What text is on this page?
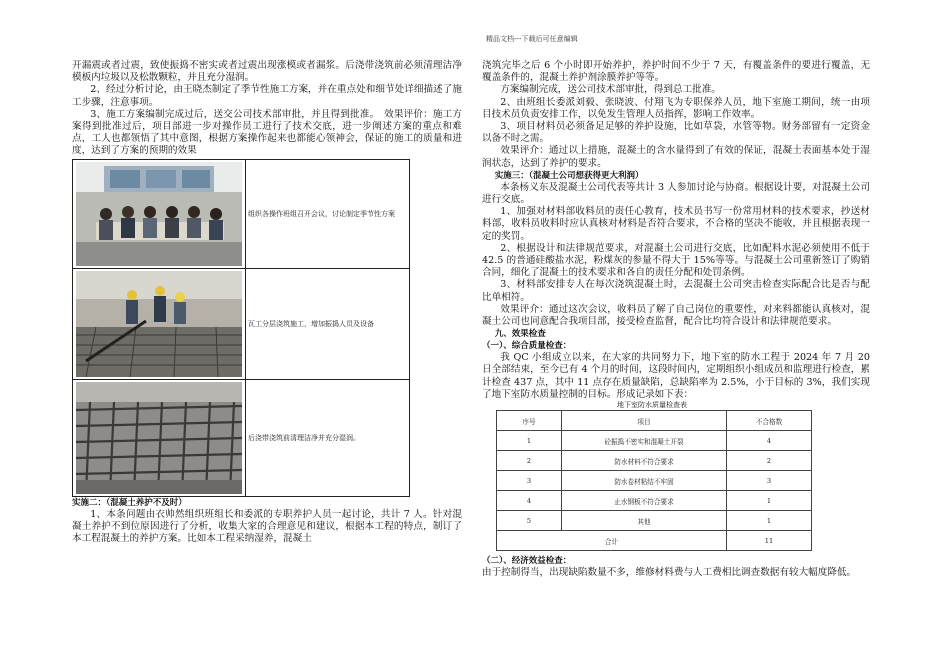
精品文档---下载后可任意编辑

开漏震或者过震，致使振捣不密实或者过震出现涨模或者漏浆。后浇带浇筑前必须清理洁净模板内垃圾以及松散颗粒，并且充分湿润。

2、经过分析讨论，由王晓杰制定了季节性施工方案，并在重点处和细节处详细描述了施工步骤，注意事项。

3、施工方案编制完成过后，送交公司技术部审批，并且得到批准。　效果评价：施工方案得到批准过后，项目部进一步对操作员工进行了技术交底，进一步阐述方案的重点和难点，工人也都领悟了其中意图，根据方案操作起来也都能心领神会，保证的施工的质量和进度，达到了方案的预期的效果

	组织各操作班组召开会议，讨论制定季节性方案

	瓦工分层浇筑施工，增加振捣人员及设备

	后浇带浇筑前清理洁净并充分湿润。

实施二：（混凝土养护不及时）

1、本条问题由衣帅然组织班组长和委派的专职养护人员一起讨论，共计 7 人。针对混凝土养护不到位原因进行了分析，收集大家的合理意见和建议，根据本工程的特点，制订了本工程混凝土的养护方案。比如本工程采纳湿养，混凝土

浇筑完毕之后 6 个小时即开始养护，养护时间不少于 7 天，有覆盖条件的要进行覆盖，无覆盖条件的，混凝土养护剂涂膜养护等等。

方案编制完成，送公司技术部审批，得到总工批准。

2、由班组长委派刘毅、张晓波、付翔飞为专职保养人员，地下室施工期间，统一由项目技术员负责安排工作，以免发生管理人员指挥，影响工作效率。

3、项目材料员必须备足足够的养护设施，比如草袋，水管等物。财务部留有一定资金以备不时之需。

效果评介：通过以上措施，混凝土的含水量得到了有效的保证，混凝土表面基本处于湿润状态，达到了养护的要求。

实施三：（混凝土公司想获得更大利润）

本条杨义东及混凝土公司代表等共计 3 人参加讨论与协商。根据设计要，对混凝土公司进行交底。

1、加强对材料部收料员的责任心教育，技术员书写一份常用材料的技术要求，抄送材料部，收料员收料时应认真核对材料是否符合要求，不合格的坚决不能收，并且根据表现一定的奖罚。

2、根据设计和法律规范要求，对混凝土公司进行交底，比如配料水泥必须使用不低于 42.5 的普通硅酸盐水泥，粉煤灰的参量不得大于 15%等等。与混凝土公司重新签订了购销合同，细化了混凝土的技术要求和各自的责任分配和处罚条例。

3、材料部安排专人在每次浇筑混凝土时，去混凝土公司突击检查实际配合比是否与配比单相符。

效果评介：通过这次会议，收料员了解了自己岗位的重要性，对来料都能认真核对，混凝土公司也同意配合我项目部，接受检查监督，配合比均符合设计和法律规范要求。

九、效果检查

（一）、综合质量检查：

我 QC 小组成立以来，在大家的共同努力下，地下室的防水工程于 2024 年 7 月 20 日全部结束，至今已有 4 个月的时间，这段时间内，定期组织小组成员和监理进行检查，累计检查 437 点，其中 11 点存在质量缺陷，总缺陷率为 2.5%，小于目标的 3%，我们实现了地下室防水质量控制的目标。形成记录如下表：

地下室防水质量检查表
序号	项目	不合格数
1	砼振捣不密实和混凝土开裂	4
2	防水材料不符合要求	2
3	防水卷材粘结不牢固	3
4	止水钢板不符合要求	1
5	其他	1
合计		11

（二）、经济效益检查：

由于控制得当，出现缺陷数量不多，维修材料费与人工费相比调查数据有较大幅度降低。
